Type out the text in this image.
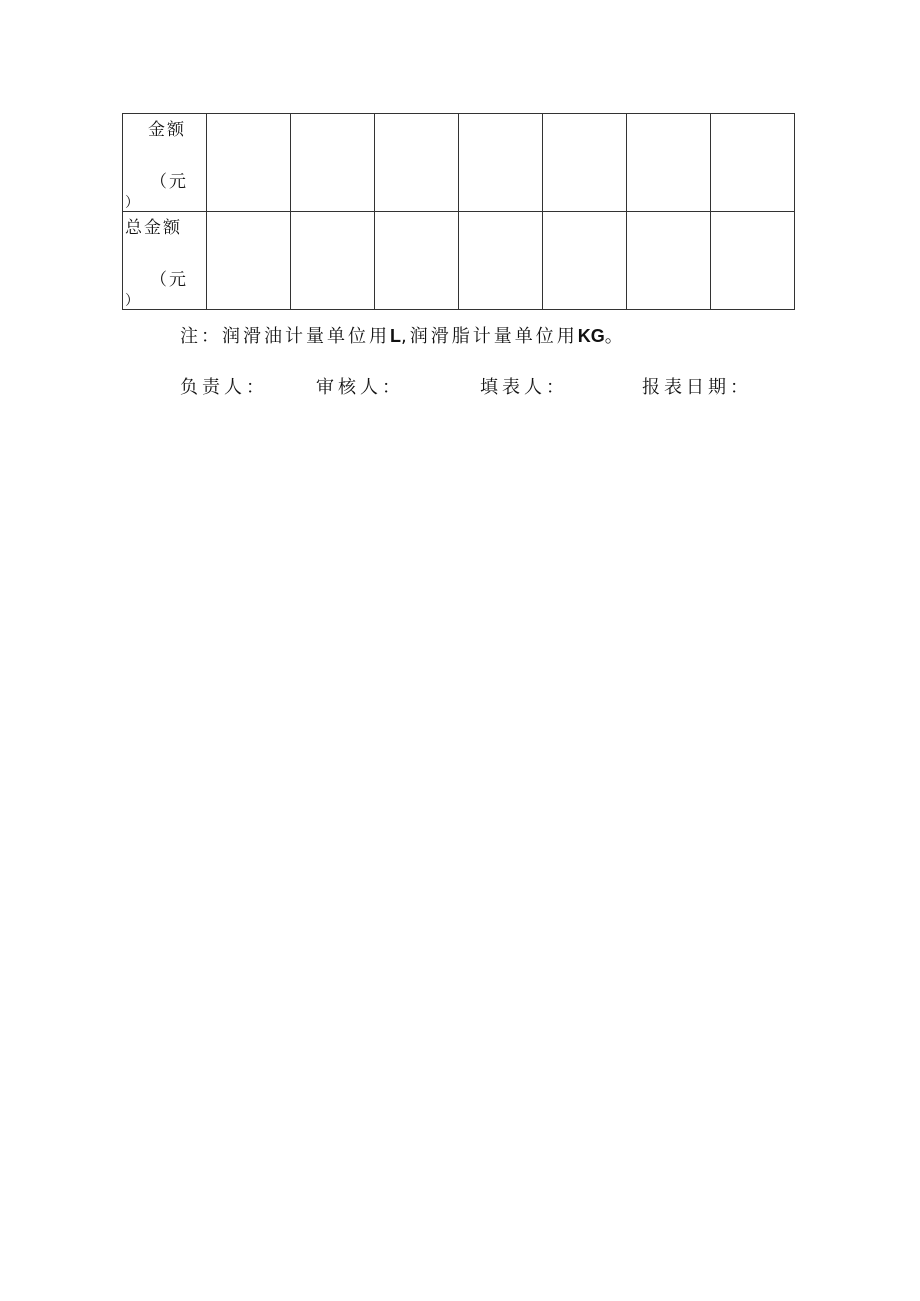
金额
（元
）							

总金额
（元
）							

注：润滑油计量单位用L,润滑脂计量单位用KG。
负责人：	审核人：	填表人：	报表日期：
